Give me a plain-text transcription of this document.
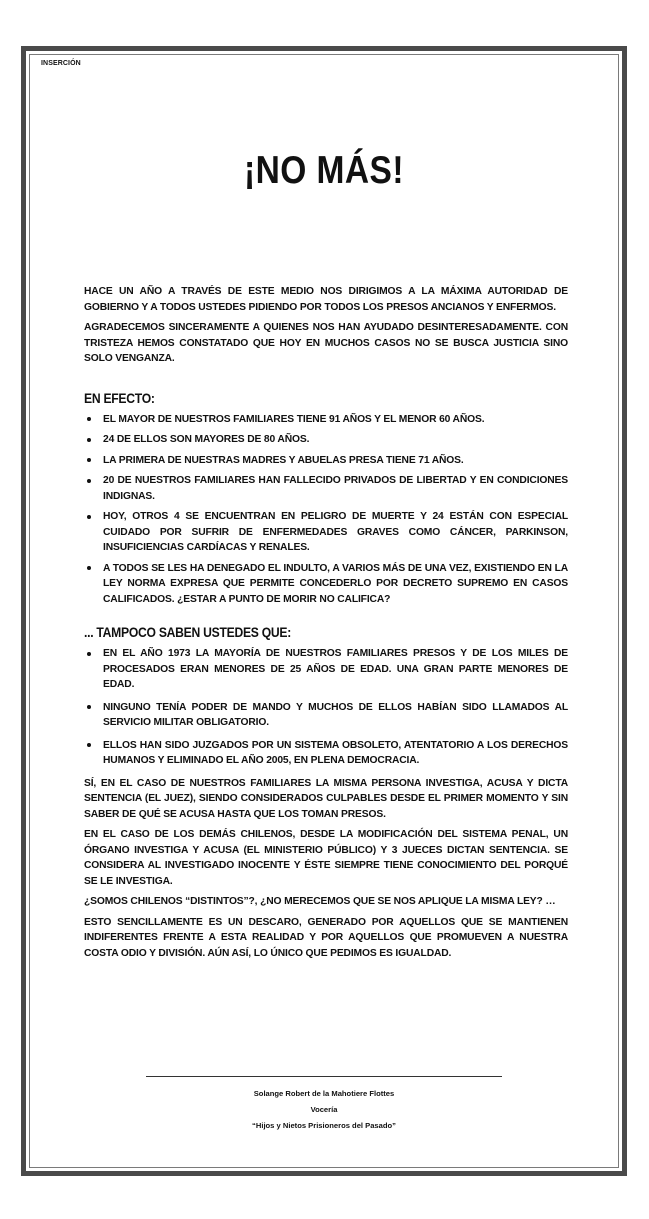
INSERCIÓN
¡NO MÁS!

HACE UN AÑO A TRAVÉS DE ESTE MEDIO NOS DIRIGIMOS A LA MÁXIMA AUTORIDAD DE GOBIERNO Y A TODOS USTEDES PIDIENDO POR TODOS LOS PRESOS ANCIANOS Y ENFERMOS.

AGRADECEMOS SINCERAMENTE A QUIENES NOS HAN AYUDADO DESINTERESADAMENTE. CON TRISTEZA HEMOS CONSTATADO QUE HOY EN MUCHOS CASOS NO SE BUSCA JUSTICIA SINO SOLO VENGANZA.

EN EFECTO:
EL MAYOR DE NUESTROS FAMILIARES TIENE 91 AÑOS Y EL MENOR 60 AÑOS.
24 DE ELLOS SON MAYORES DE 80 AÑOS.
LA PRIMERA DE NUESTRAS MADRES Y ABUELAS PRESA TIENE 71 AÑOS.
20 DE NUESTROS FAMILIARES HAN FALLECIDO PRIVADOS DE LIBERTAD Y EN CONDICIONES INDIGNAS.
HOY, OTROS 4 SE ENCUENTRAN EN PELIGRO DE MUERTE Y 24 ESTÁN CON ESPECIAL CUIDADO POR SUFRIR DE ENFERMEDADES GRAVES COMO CÁNCER, PARKINSON, INSUFICIENCIAS CARDÍACAS Y RENALES.
A TODOS SE LES HA DENEGADO EL INDULTO, A VARIOS MÁS DE UNA VEZ, EXISTIENDO EN LA LEY NORMA EXPRESA QUE PERMITE CONCEDERLO POR DECRETO SUPREMO EN CASOS CALIFICADOS. ¿ESTAR A PUNTO DE MORIR NO CALIFICA?
... TAMPOCO SABEN USTEDES QUE:
EN EL AÑO 1973 LA MAYORÍA DE NUESTROS FAMILIARES PRESOS Y DE LOS MILES DE PROCESADOS ERAN MENORES DE 25 AÑOS DE EDAD. UNA GRAN PARTE MENORES DE EDAD.
NINGUNO TENÍA PODER DE MANDO Y MUCHOS DE ELLOS HABÍAN SIDO LLAMADOS AL SERVICIO MILITAR OBLIGATORIO.
ELLOS HAN SIDO JUZGADOS POR UN SISTEMA OBSOLETO, ATENTATORIO A LOS DERECHOS HUMANOS Y ELIMINADO EL AÑO 2005, EN PLENA DEMOCRACIA.

SÍ, EN EL CASO DE NUESTROS FAMILIARES LA MISMA PERSONA INVESTIGA, ACUSA Y DICTA SENTENCIA (EL JUEZ), SIENDO CONSIDERADOS CULPABLES DESDE EL PRIMER MOMENTO Y SIN SABER DE QUÉ SE ACUSA HASTA QUE LOS TOMAN PRESOS.

EN EL CASO DE LOS DEMÁS CHILENOS, DESDE LA MODIFICACIÓN DEL SISTEMA PENAL, UN ÓRGANO INVESTIGA Y ACUSA (EL MINISTERIO PÚBLICO) Y 3 JUECES DICTAN SENTENCIA. SE CONSIDERA AL INVESTIGADO INOCENTE Y ÉSTE SIEMPRE TIENE CONOCIMIENTO DEL PORQUÉ SE LE INVESTIGA.

¿SOMOS CHILENOS “DISTINTOS”?, ¿NO MERECEMOS QUE SE NOS APLIQUE LA MISMA LEY? …

ESTO SENCILLAMENTE ES UN DESCARO, GENERADO POR AQUELLOS QUE SE MANTIENEN INDIFERENTES FRENTE A ESTA REALIDAD Y POR AQUELLOS QUE PROMUEVEN A NUESTRA COSTA ODIO Y DIVISIÓN. AÚN ASÍ, LO ÚNICO QUE PEDIMOS ES IGUALDAD.

Solange Robert de la Mahotiere Flottes
Vocería
“Hijos y Nietos Prisioneros del Pasado”
